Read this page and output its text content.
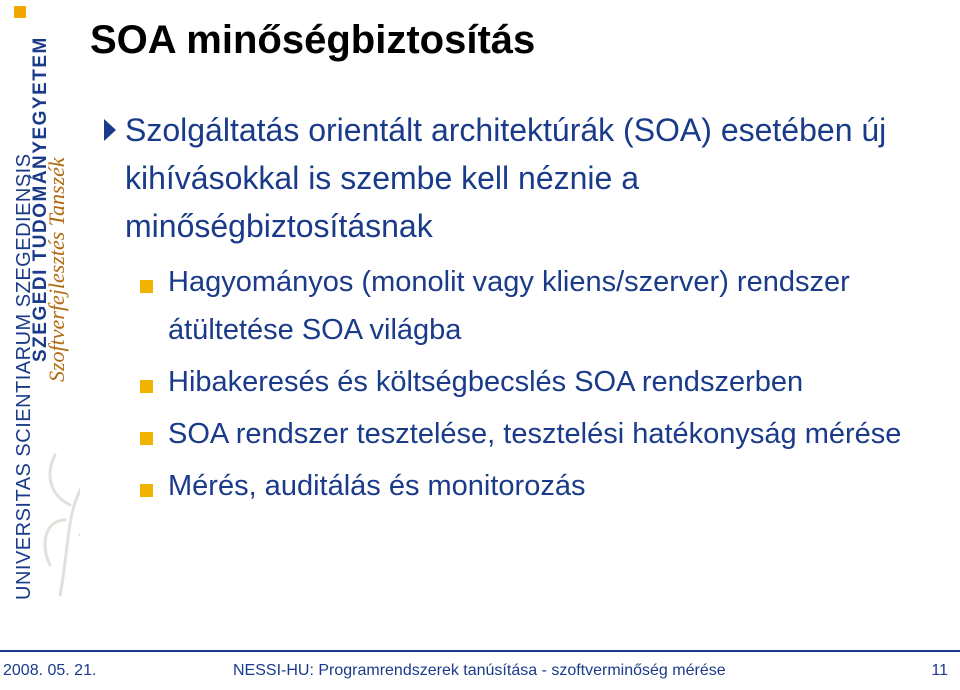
UNIVERSITAS SCIENTIARUM SZEGEDIENSIS
SZEGEDI TUDOMÁNYEGYETEM
Szoftverfejlesztés Tanszék
SOA minőségbiztosítás

Szolgáltatás orientált architektúrák (SOA) esetében új kihívásokkal is szembe kell néznie a minőségbiztosításnak

Hagyományos (monolit vagy kliens/szerver) rendszer átültetése SOA világba
Hibakeresés és költségbecslés SOA rendszerben
SOA rendszer tesztelése, tesztelési hatékonyság mérése
Mérés, auditálás és monitorozás
2008. 05. 21.	NESSI-HU: Programrendszerek tanúsítása - szoftverminőség mérése	11
